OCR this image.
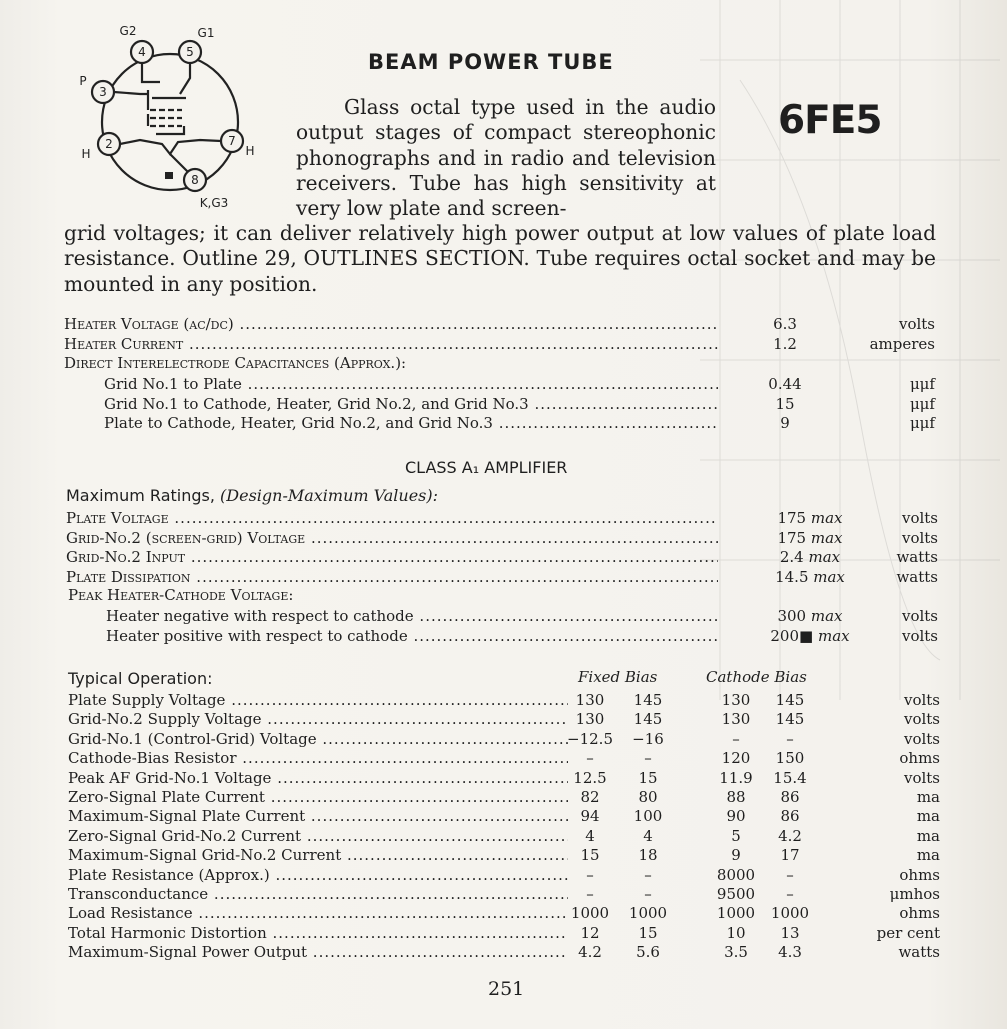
4	5
3
2	7
8
G2	G1
P
H	H
K,G3
BEAM POWER TUBE
6FE5
Glass octal type used in the audio output stages of compact stereophonic phonographs and in radio and television receivers. Tube has high sensitivity at very low plate and screen-
grid voltages; it can deliver relatively high power output at low values of plate load resistance. Outline 29, OUTLINES SECTION. Tube requires octal socket and may be mounted in any position.
Heater Voltage (ac/dc) .....	6.3	volts
Heater Current .....	1.2	amperes
Direct Interelectrode Capacitances (Approx.):
Grid No.1 to Plate .....	0.44	μμf
Grid No.1 to Cathode, Heater, Grid No.2, and Grid No.3 .....	15	μμf
Plate to Cathode, Heater, Grid No.2, and Grid No.3 .....	9	μμf
CLASS A₁ AMPLIFIER
Maximum Ratings, (Design-Maximum Values):
Plate Voltage .....	175 max	volts
Grid-No.2 (screen-grid) Voltage .....	175 max	volts
Grid-No.2 Input .....	2.4 max	watts
Plate Dissipation .....	14.5 max	watts
Peak Heater-Cathode Voltage:
Heater negative with respect to cathode .....	300 max	volts
Heater positive with respect to cathode .....	200■ max	volts
Typical Operation:	Fixed Bias	Cathode Bias
Plate Supply Voltage .....	130	145	130	145	volts
Grid-No.2 Supply Voltage .....	130	145	130	145	volts
Grid-No.1 (Control-Grid) Voltage .....	−12.5	−16	–	–	volts
Cathode-Bias Resistor .....	–	–	120	150	ohms
Peak AF Grid-No.1 Voltage .....	12.5	15	11.9	15.4	volts
Zero-Signal Plate Current .....	82	80	88	86	ma
Maximum-Signal Plate Current .....	94	100	90	86	ma
Zero-Signal Grid-No.2 Current .....	4	4	5	4.2	ma
Maximum-Signal Grid-No.2 Current .....	15	18	9	17	ma
Plate Resistance (Approx.) .....	–	–	8000	–	ohms
Transconductance .....	–	–	9500	–	μmhos
Load Resistance .....	1000	1000	1000	1000	ohms
Total Harmonic Distortion .....	12	15	10	13	per cent
Maximum-Signal Power Output .....	4.2	5.6	3.5	4.3	watts
251
